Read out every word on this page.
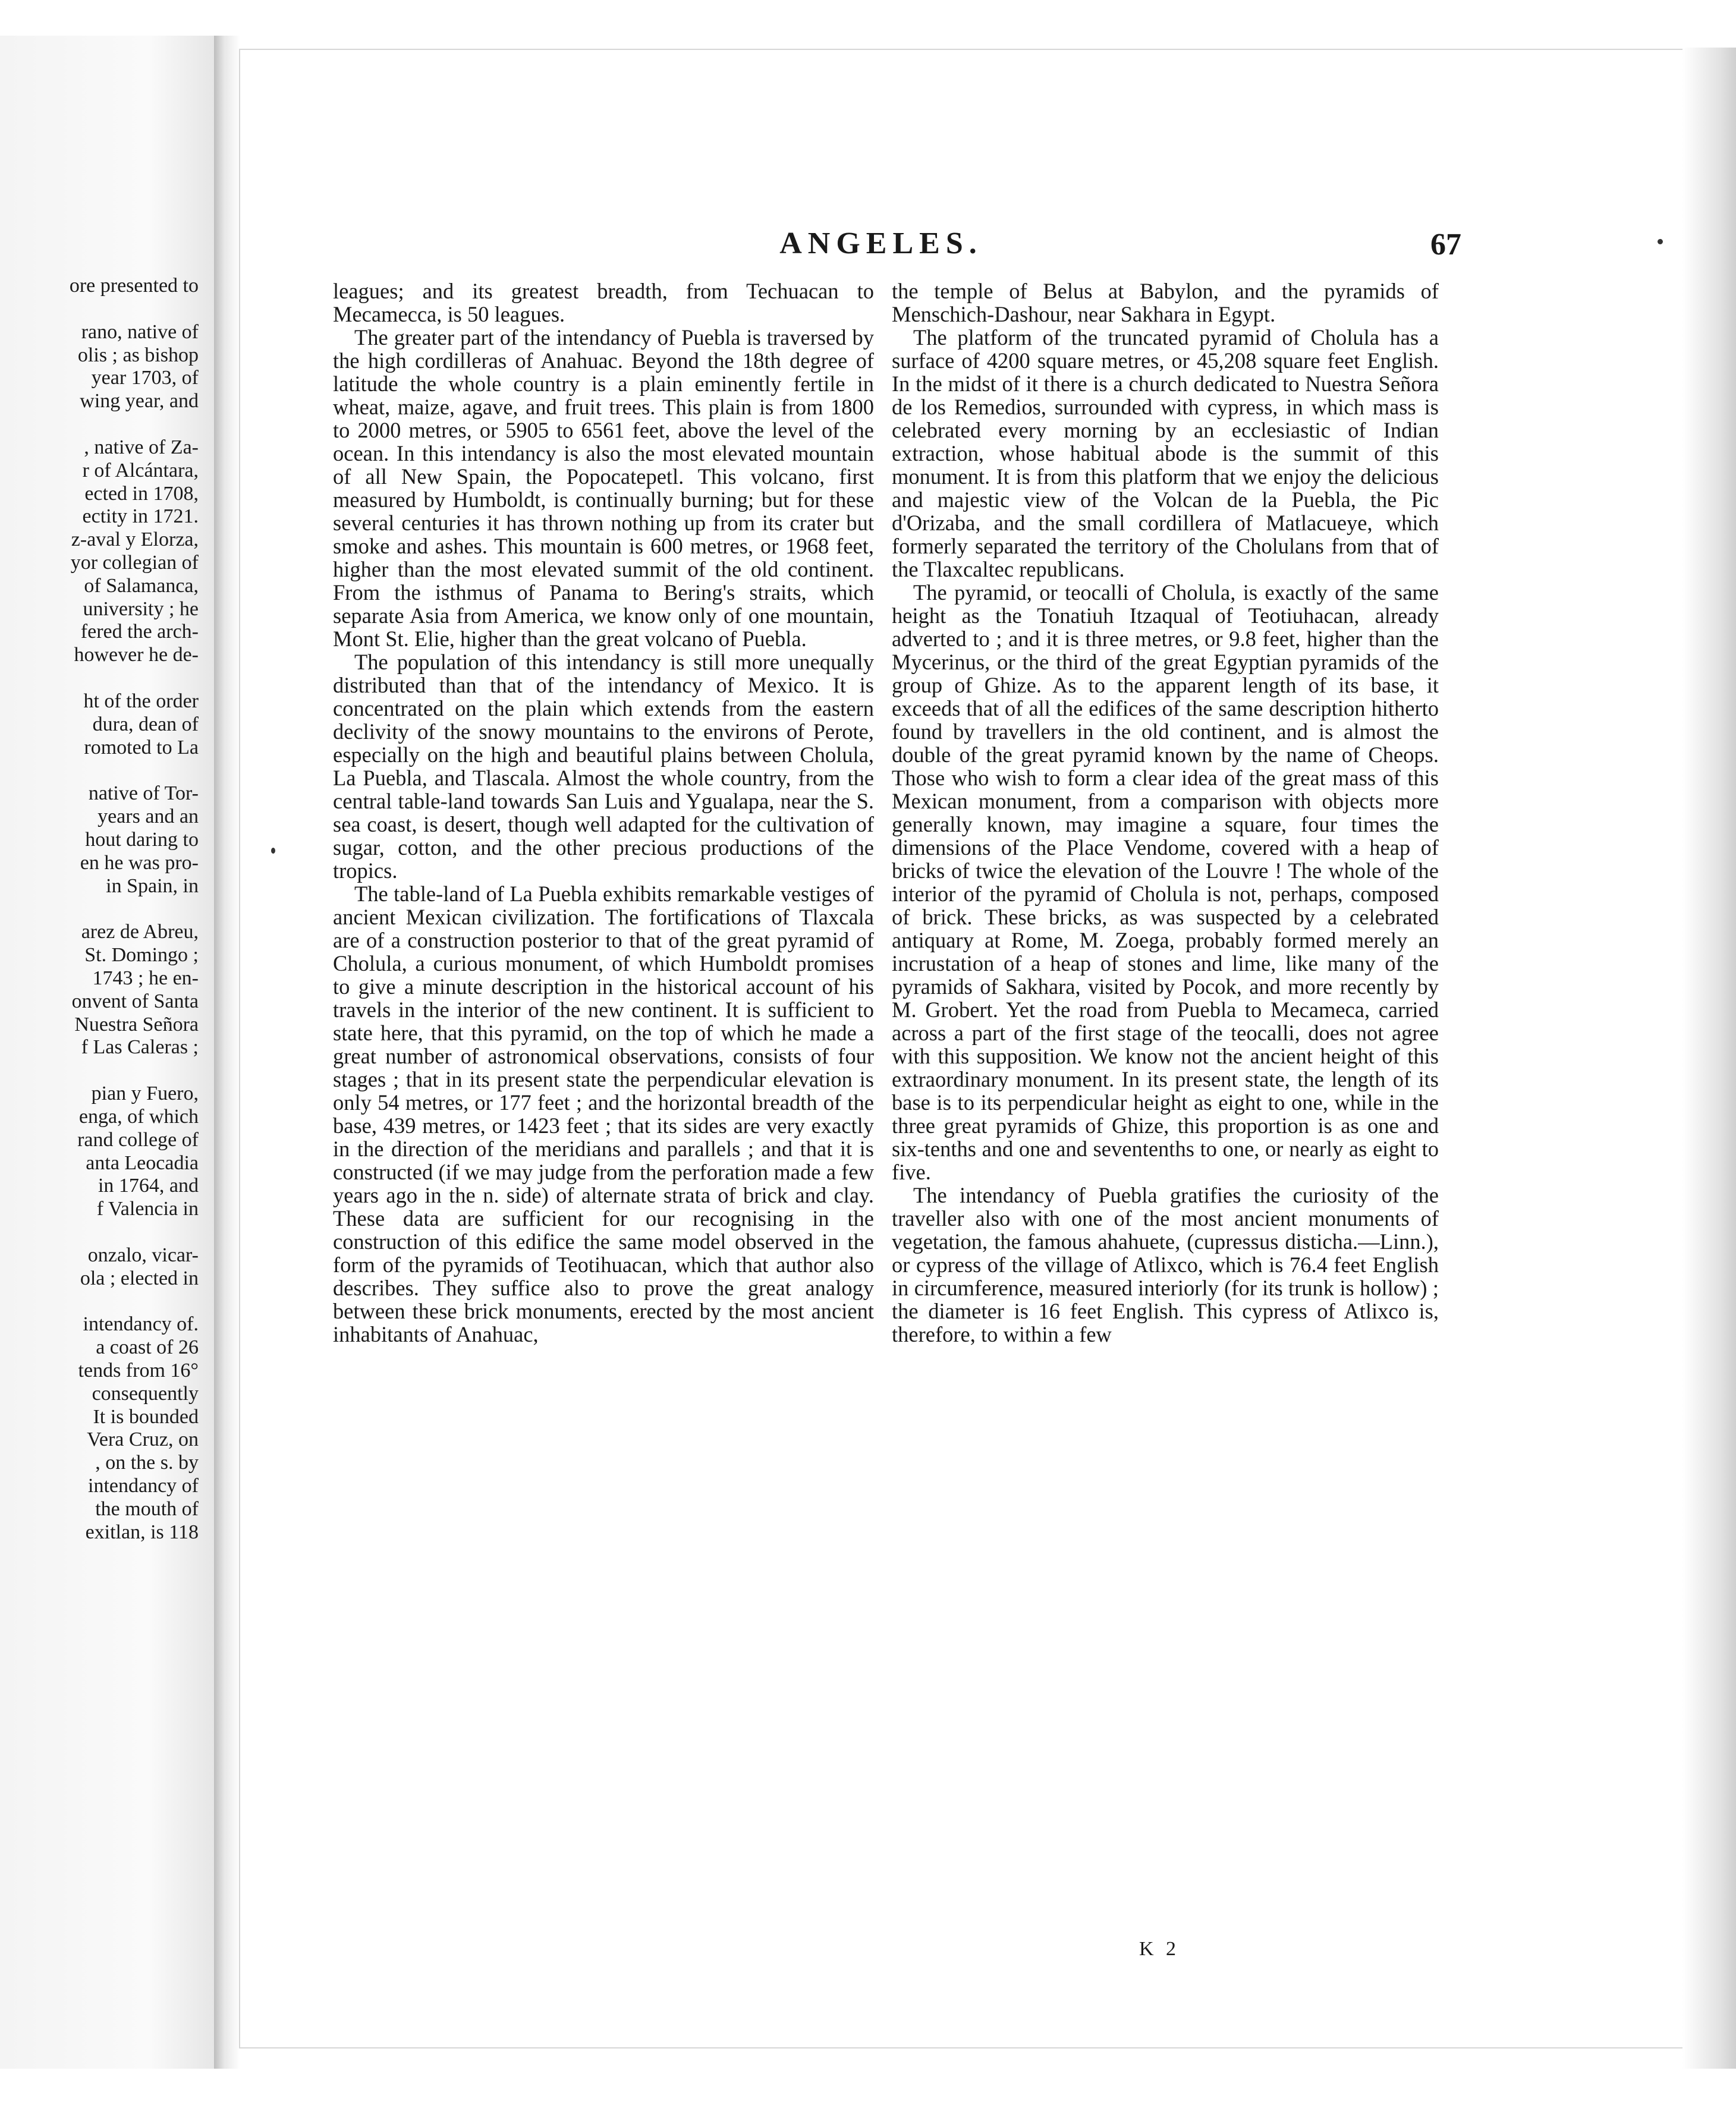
ore presented to
rano, native of
olis ; as bishop
year 1703, of
wing year, and
, native of Za-
r of Alcántara,
ected in 1708,
ectity in 1721.
z-aval y Elorza,
yor collegian of
of Salamanca,
university ; he
fered the arch-
however he de-
ht of the order
dura, dean of
romoted to La
native of Tor-
years and an
hout daring to
en he was pro-
in Spain, in
arez de Abreu,
St. Domingo ;
1743 ; he en-
onvent of Santa
Nuestra Señora
f Las Caleras ;
pian y Fuero,
enga, of which
rand college of
anta Leocadia
in 1764, and
f Valencia in
onzalo, vicar-
ola ; elected in
intendancy of.
a coast of 26
tends from 16°
consequently
It is bounded
Vera Cruz, on
, on the s. by
intendancy of
the mouth of
exitlan, is 118
ANGELES.	67

leagues; and its greatest breadth, from Techuacan to Mecamecca, is 50 leagues.

The greater part of the intendancy of Puebla is traversed by the high cordilleras of Anahuac. Beyond the 18th degree of latitude the whole country is a plain eminently fertile in wheat, maize, agave, and fruit trees. This plain is from 1800 to 2000 metres, or 5905 to 6561 feet, above the level of the ocean. In this intendancy is also the most elevated mountain of all New Spain, the Popocatepetl. This volcano, first measured by Humboldt, is continually burning; but for these several centuries it has thrown nothing up from its crater but smoke and ashes. This mountain is 600 metres, or 1968 feet, higher than the most elevated summit of the old continent. From the isthmus of Panama to Bering's straits, which separate Asia from America, we know only of one mountain, Mont St. Elie, higher than the great volcano of Puebla.

The population of this intendancy is still more unequally distributed than that of the intendancy of Mexico. It is concentrated on the plain which extends from the eastern declivity of the snowy mountains to the environs of Perote, especially on the high and beautiful plains between Cholula, La Puebla, and Tlascala. Almost the whole country, from the central table-land towards San Luis and Ygualapa, near the S. sea coast, is desert, though well adapted for the cultivation of sugar, cotton, and the other precious productions of the tropics.

The table-land of La Puebla exhibits remarkable vestiges of ancient Mexican civilization. The fortifications of Tlaxcala are of a construction posterior to that of the great pyramid of Cholula, a curious monument, of which Humboldt promises to give a minute description in the historical account of his travels in the interior of the new continent. It is sufficient to state here, that this pyramid, on the top of which he made a great number of astronomical observations, consists of four stages ; that in its present state the perpendicular elevation is only 54 metres, or 177 feet ; and the horizontal breadth of the base, 439 metres, or 1423 feet ; that its sides are very exactly in the direction of the meridians and parallels ; and that it is constructed (if we may judge from the perforation made a few years ago in the n. side) of alternate strata of brick and clay. These data are sufficient for our recognising in the construction of this edifice the same model observed in the form of the pyramids of Teotihuacan, which that author also describes. They suffice also to prove the great analogy between these brick monuments, erected by the most ancient inhabitants of Anahuac,

the temple of Belus at Babylon, and the pyramids of Menschich-Dashour, near Sakhara in Egypt.

The platform of the truncated pyramid of Cholula has a surface of 4200 square metres, or 45,208 square feet English. In the midst of it there is a church dedicated to Nuestra Señora de los Remedios, surrounded with cypress, in which mass is celebrated every morning by an ecclesiastic of Indian extraction, whose habitual abode is the summit of this monument. It is from this platform that we enjoy the delicious and majestic view of the Volcan de la Puebla, the Pic d'Orizaba, and the small cordillera of Matlacueye, which formerly separated the territory of the Cholulans from that of the Tlaxcaltec republicans.

The pyramid, or teocalli of Cholula, is exactly of the same height as the Tonatiuh Itzaqual of Teotiuhacan, already adverted to ; and it is three metres, or 9.8 feet, higher than the Mycerinus, or the third of the great Egyptian pyramids of the group of Ghize. As to the apparent length of its base, it exceeds that of all the edifices of the same description hitherto found by travellers in the old continent, and is almost the double of the great pyramid known by the name of Cheops. Those who wish to form a clear idea of the great mass of this Mexican monument, from a comparison with objects more generally known, may imagine a square, four times the dimensions of the Place Vendome, covered with a heap of bricks of twice the elevation of the Louvre ! The whole of the interior of the pyramid of Cholula is not, perhaps, composed of brick. These bricks, as was suspected by a celebrated antiquary at Rome, M. Zoega, probably formed merely an incrustation of a heap of stones and lime, like many of the pyramids of Sakhara, visited by Pocok, and more recently by M. Grobert. Yet the road from Puebla to Mecameca, carried across a part of the first stage of the teocalli, does not agree with this supposition. We know not the ancient height of this extraordinary monument. In its present state, the length of its base is to its perpendicular height as eight to one, while in the three great pyramids of Ghize, this proportion is as one and six-tenths and one and seventenths to one, or nearly as eight to five.

The intendancy of Puebla gratifies the curiosity of the traveller also with one of the most ancient monuments of vegetation, the famous ahahuete, (cupressus disticha.—Linn.), or cypress of the village of Atlixco, which is 76.4 feet English in circumference, measured interiorly (for its trunk is hollow) ; the diameter is 16 feet English. This cypress of Atlixco is, therefore, to within a few

K 2
